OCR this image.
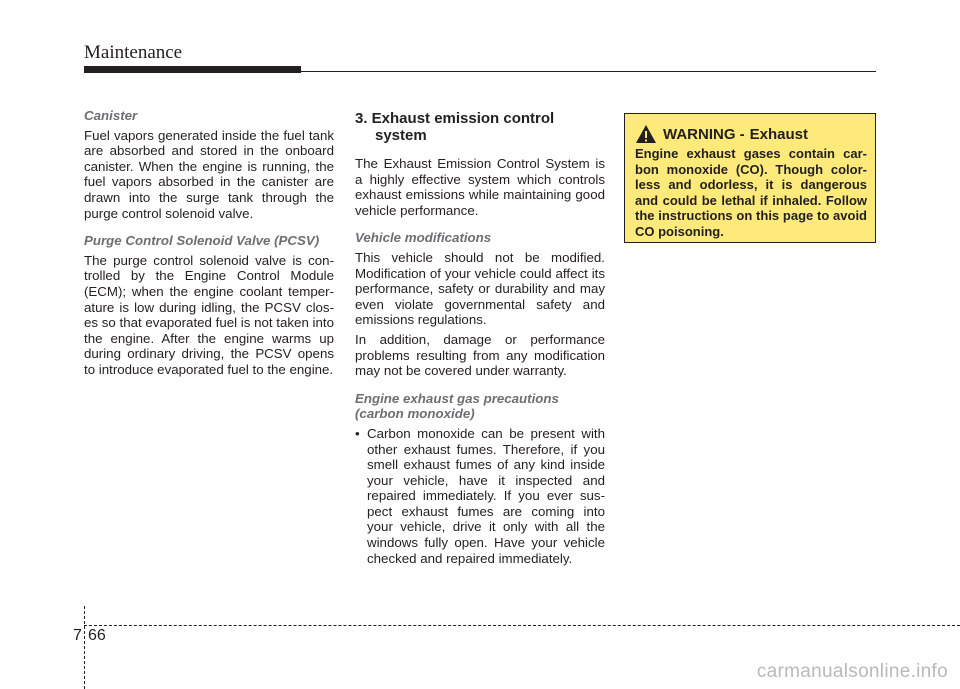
Maintenance
Canister

Fuel vapors generated inside the fuel tank are absorbed and stored in the onboard canister. When the engine is running, the fuel vapors absorbed in the canister are drawn into the surge tank through the purge control solenoid valve.

Purge Control Solenoid Valve (PCSV)

The purge control solenoid valve is con-trolled by the Engine Control Module (ECM); when the engine coolant temper-ature is low during idling, the PCSV clos-es so that evaporated fuel is not taken into the engine. After the engine warms up during ordinary driving, the PCSV opens to introduce evaporated fuel to the engine.

3. Exhaust emission control
system

The Exhaust Emission Control System is a highly effective system which controls exhaust emissions while maintaining good vehicle performance.

Vehicle modifications

This vehicle should not be modified. Modification of your vehicle could affect its performance, safety or durability and may even violate governmental safety and emissions regulations.

In addition, damage or performance problems resulting from any modification may not be covered under warranty.

Engine exhaust gas precautions
(carbon monoxide)
• Carbon monoxide can be present with other exhaust fumes. Therefore, if you smell exhaust fumes of any kind inside your vehicle, have it inspected and repaired immediately. If you ever sus-pect exhaust fumes are coming into your vehicle, drive it only with all the windows fully open. Have your vehicle checked and repaired immediately.
WARNING - Exhaust
Engine exhaust gases contain car-bon monoxide (CO). Though color-less and odorless, it is dangerous and could be lethal if inhaled. Follow the instructions on this page to avoid CO poisoning.
7 66
carmanualsonline.info
